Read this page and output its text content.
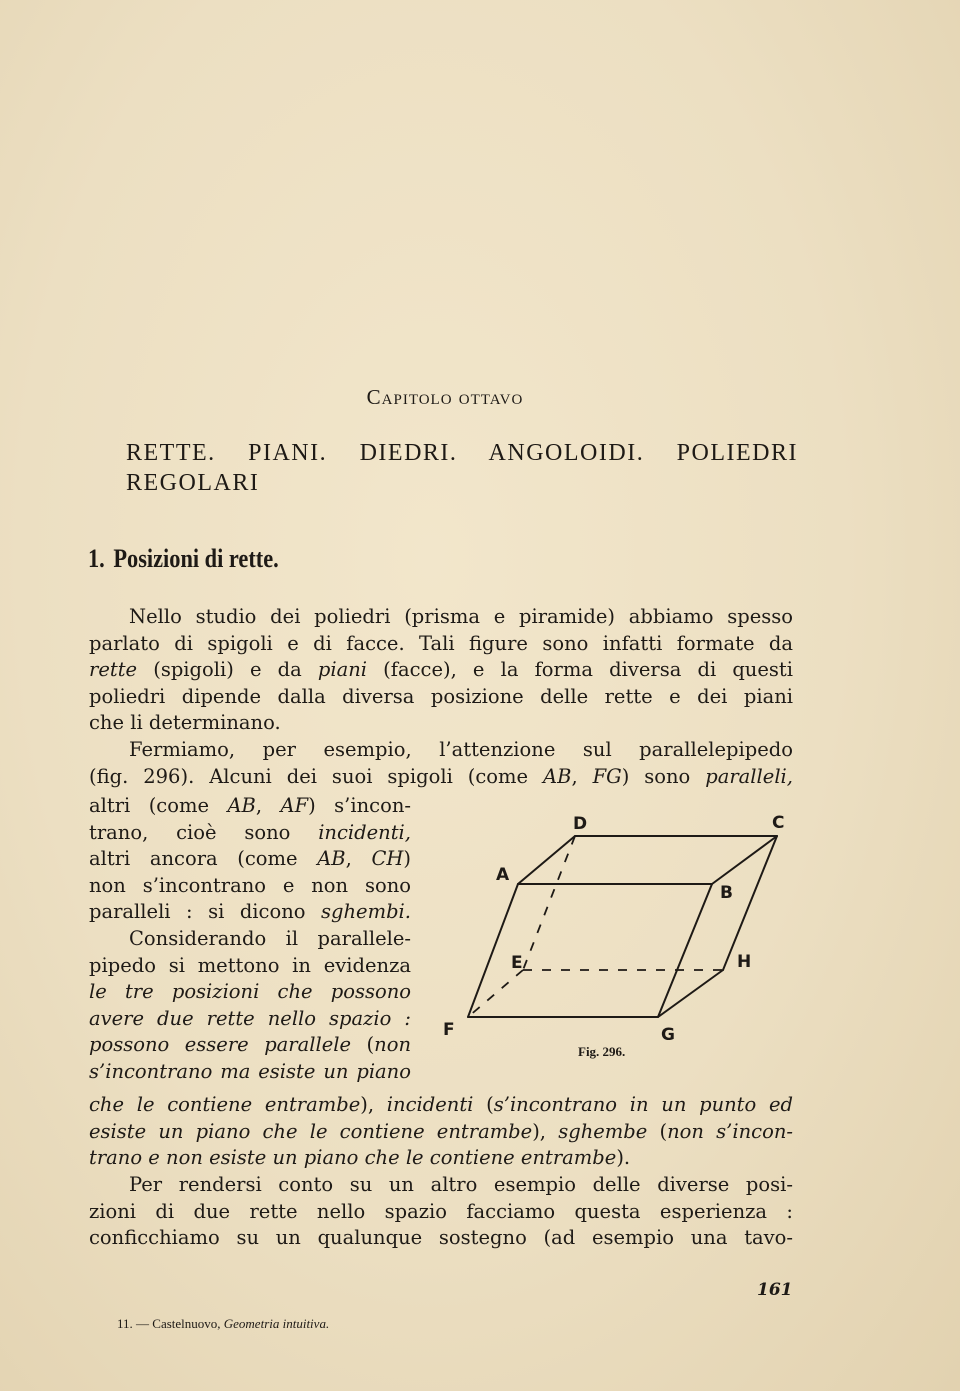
Capitolo ottavo
RETTE. PIANI. DIEDRI. ANGOLOIDI. POLIEDRI REGOLARI
1. Posizioni di rette.
Nello studio dei poliedri (prisma e piramide) abbiamo spesso
parlato di spigoli e di facce. Tali figure sono infatti formate da
rette (spigoli) e da piani (facce), e la forma diversa di questi
poliedri dipende dalla diversa posizione delle rette e dei piani
che li determinano.
Fermiamo, per esempio, l’attenzione sul parallelepipedo
(fig. 296). Alcuni dei suoi spigoli (come AB, FG) sono paralleli,
altri (come AB, AF) s’incon-
trano, cioè sono incidenti,
altri ancora (come AB, CH)
non s’incontrano e non sono
paralleli : si dicono sghembi.
Considerando il parallele-
pipedo si mettono in evidenza
le tre posizioni che possono
avere due rette nello spazio :
possono essere parallele (non
s’incontrano ma esiste un piano
D	C
A
B
E	H
F	G
Fig. 296.
che le contiene entrambe), incidenti (s’incontrano in un punto ed
esiste un piano che le contiene entrambe), sghembe (non s’incon-
trano e non esiste un piano che le contiene entrambe).
Per rendersi conto su un altro esempio delle diverse posi-
zioni di due rette nello spazio facciamo questa esperienza :
conficchiamo su un qualunque sostegno (ad esempio una tavo-
161
11. — Castelnuovo, Geometria intuitiva.
